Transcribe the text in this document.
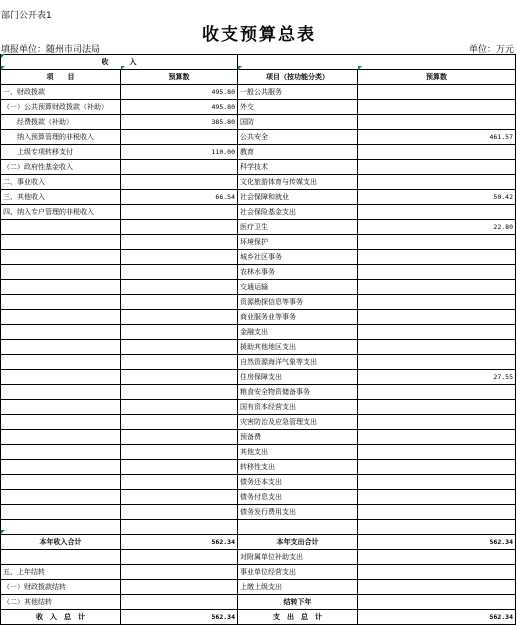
部门公开表1
收支预算总表
填报单位：随州市司法局	单位：万元
收　　　入			
项　　目	预算数	项目（按功能分类）	预算数
一、财政拨款	495.80	一般公共服务	
（一）公共预算财政拨款（补助）	495.80	外交	
　　经费拨款（补助）	385.80	国防	
　　纳入预算管理的非税收入		公共安全	461.57
　　上级专项转移支付	110.00	教育	
（二）政府性基金收入		科学技术	
二、事业收入		文化旅游体育与传媒支出	
三、其他收入	66.54	社会保障和就业	50.42
四、纳入专户管理的非税收入		社会保险基金支出	
		医疗卫生	22.80
		环境保护	
		城乡社区事务	
		农林水事务	
		交通运输	
		资源勘探信息等事务	
		商业服务业等事务	
		金融支出	
		援助其他地区支出	
		自然资源海洋气象等支出	
		住房保障支出	27.55
		粮食安全物资储备事务	
		国有资本经营支出	
		灾害防治及应急管理支出	
		预备费	
		其他支出	
		转移性支出	
		债务还本支出	
		债务付息支出	
		债务发行费用支出	

本年收入合计	562.34	本年支出合计	562.34
		对附属单位补助支出	
五、上年结转		事业单位经营支出	
（一）财政拨款结转		上缴上级支出	
（二）其他结转		结转下年	
收　入　总　计	562.34	支　出　总　计	562.34
